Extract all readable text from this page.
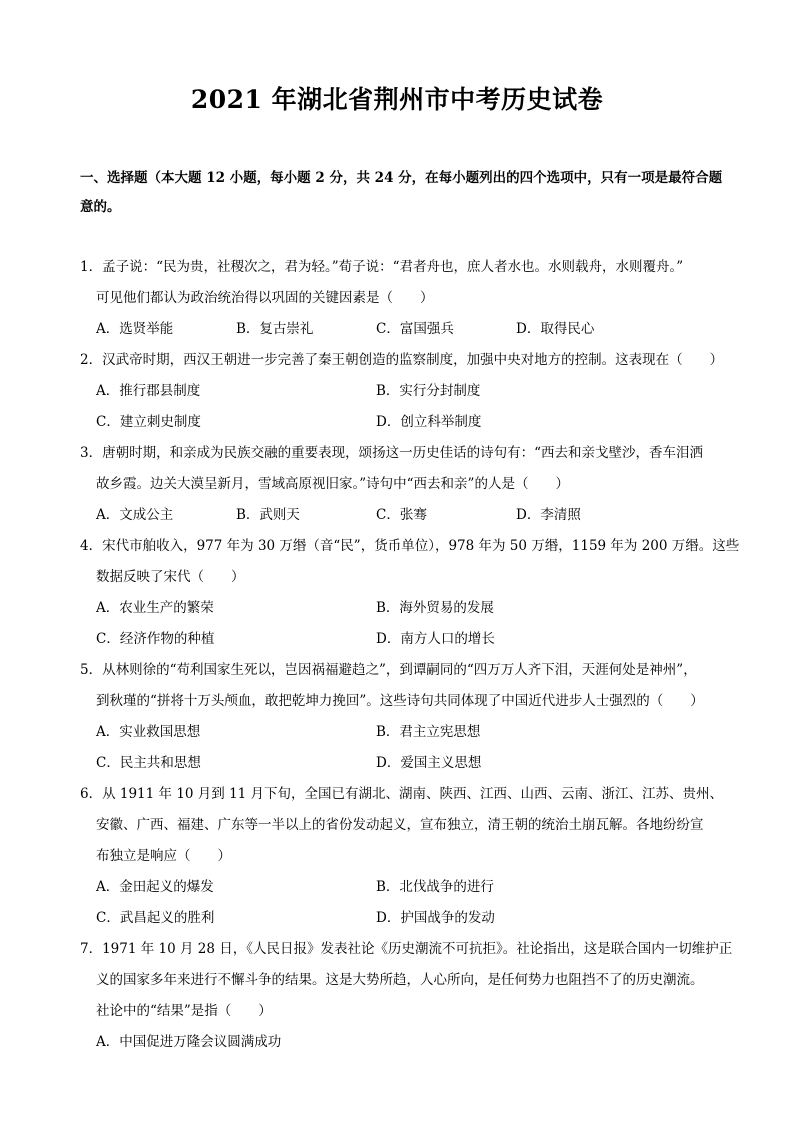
2021 年湖北省荆州市中考历史试卷
一、选择题（本大题 12 小题，每小题 2 分，共 24 分，在每小题列出的四个选项中，只有一项是最符合题
意的。
1．孟子说：“民为贵，社稷次之，君为轻。”荀子说：“君者舟也，庶人者水也。水则载舟，水则覆舟。”
可见他们都认为政治统治得以巩固的关键因素是（　　）
A．选贤举能	B．复古崇礼	C．富国强兵	D．取得民心
2．汉武帝时期，西汉王朝进一步完善了秦王朝创造的监察制度，加强中央对地方的控制。这表现在（　　）
A．推行郡县制度	B．实行分封制度
C．建立刺史制度	D．创立科举制度
3．唐朝时期，和亲成为民族交融的重要表现，颂扬这一历史佳话的诗句有：“西去和亲戈壁沙，香车泪洒
故乡霞。边关大漠呈新月，雪域高原视旧家。”诗句中“西去和亲”的人是（　　）
A．文成公主	B．武则天	C．张骞	D．李清照
4．宋代市舶收入，977 年为 30 万缗（音“民”，货币单位），978 年为 50 万缗，1159 年为 200 万缗。这些
数据反映了宋代（　　）
A．农业生产的繁荣	B．海外贸易的发展
C．经济作物的种植	D．南方人口的增长
5．从林则徐的“苟利国家生死以，岂因祸福避趋之”，到谭嗣同的“四万万人齐下泪，天涯何处是神州”，
到秋瑾的“拼将十万头颅血，敢把乾坤力挽回”。这些诗句共同体现了中国近代进步人士强烈的（　　）
A．实业救国思想	B．君主立宪思想
C．民主共和思想	D．爱国主义思想
6．从 1911 年 10 月到 11 月下旬，全国已有湖北、湖南、陕西、江西、山西、云南、浙江、江苏、贵州、
安徽、广西、福建、广东等一半以上的省份发动起义，宣布独立，清王朝的统治土崩瓦解。各地纷纷宣
布独立是响应（　　）
A．金田起义的爆发	B．北伐战争的进行
C．武昌起义的胜利	D．护国战争的发动
7．1971 年 10 月 28 日，《人民日报》发表社论《历史潮流不可抗拒》。社论指出，这是联合国内一切维护正
义的国家多年来进行不懈斗争的结果。这是大势所趋，人心所向，是任何势力也阻挡不了的历史潮流。
社论中的“结果”是指（　　）
A．中国促进万隆会议圆满成功
